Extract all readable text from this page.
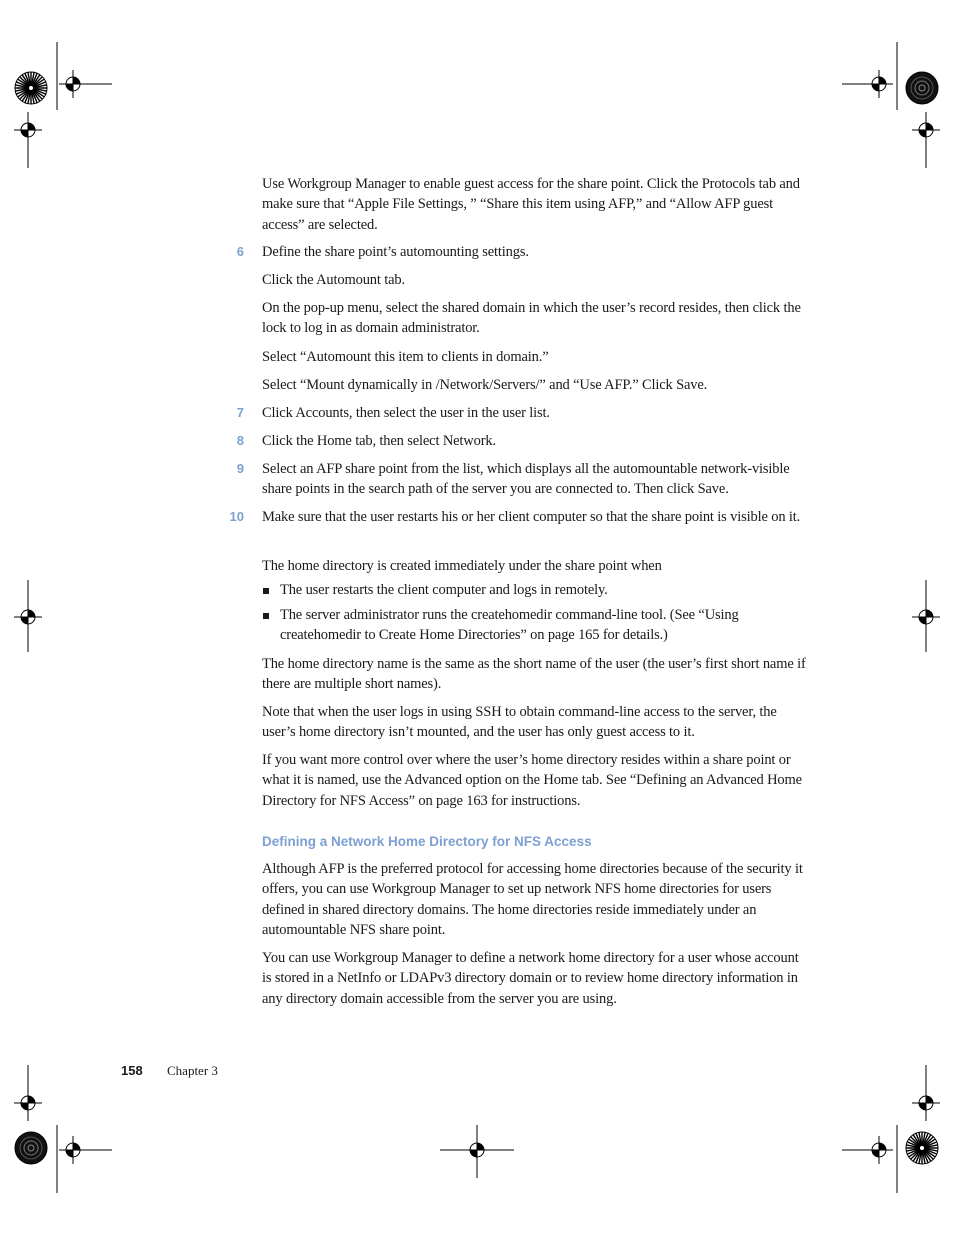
Use Workgroup Manager to enable guest access for the share point. Click the Protocols tab and make sure that “Apple File Settings, ” “Share this item using AFP,” and “Allow AFP guest access” are selected.

6 Define the share point’s automounting settings.

Click the Automount tab.

On the pop-up menu, select the shared domain in which the user’s record resides, then click the lock to log in as domain administrator.

Select “Automount this item to clients in domain.”

Select “Mount dynamically in /Network/Servers/” and “Use AFP.” Click Save.

7 Click Accounts, then select the user in the user list.

8 Click the Home tab, then select Network.

9 Select an AFP share point from the list, which displays all the automountable network-visible share points in the search path of the server you are connected to. Then click Save.

10 Make sure that the user restarts his or her client computer so that the share point is visible on it.

The home directory is created immediately under the share point when

The user restarts the client computer and logs in remotely.

The server administrator runs the createhomedir command-line tool. (See “Using createhomedir to Create Home Directories” on page 165 for details.)

The home directory name is the same as the short name of the user (the user’s first short name if there are multiple short names).

Note that when the user logs in using SSH to obtain command-line access to the server, the user’s home directory isn’t mounted, and the user has only guest access to it.

If you want more control over where the user’s home directory resides within a share point or what it is named, use the Advanced option on the Home tab. See “Defining an Advanced Home Directory for NFS Access” on page 163 for instructions.

Defining a Network Home Directory for NFS Access

Although AFP is the preferred protocol for accessing home directories because of the security it offers, you can use Workgroup Manager to set up network NFS home directories for users defined in shared directory domains. The home directories reside immediately under an automountable NFS share point.

You can use Workgroup Manager to define a network home directory for a user whose account is stored in a NetInfo or LDAPv3 directory domain or to review home directory information in any directory domain accessible from the server you are using.

158 Chapter 3
